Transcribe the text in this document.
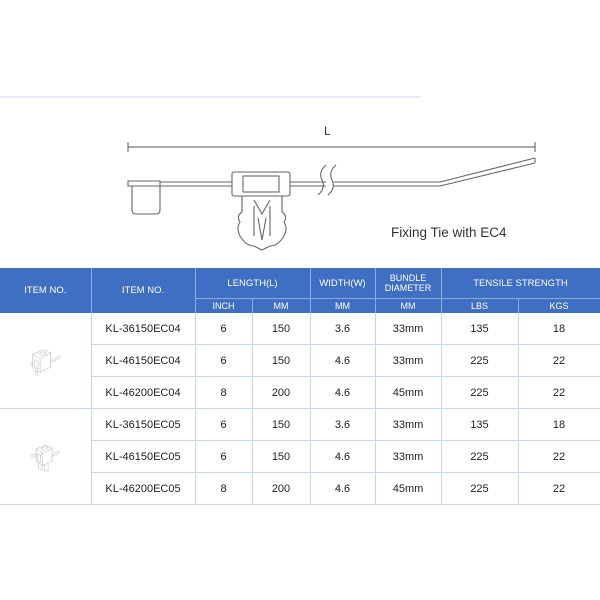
L
Fixing Tie with EC4
ITEM NO.	ITEM NO.	LENGTH(L)		WIDTH(W)	BUNDLE
DIAMETER	TENSILE STRENGTH	
		INCH	MM	MM	MM	LBS	KGS

	KL-36150EC04	6	150	3.6	33mm	135	18
	KL-46150EC04	6	150	4.6	33mm	225	22
	KL-46200EC04	8	200	4.6	45mm	225	22

	KL-36150EC05	6	150	3.6	33mm	135	18
	KL-46150EC05	6	150	4.6	33mm	225	22
	KL-46200EC05	8	200	4.6	45mm	225	22
